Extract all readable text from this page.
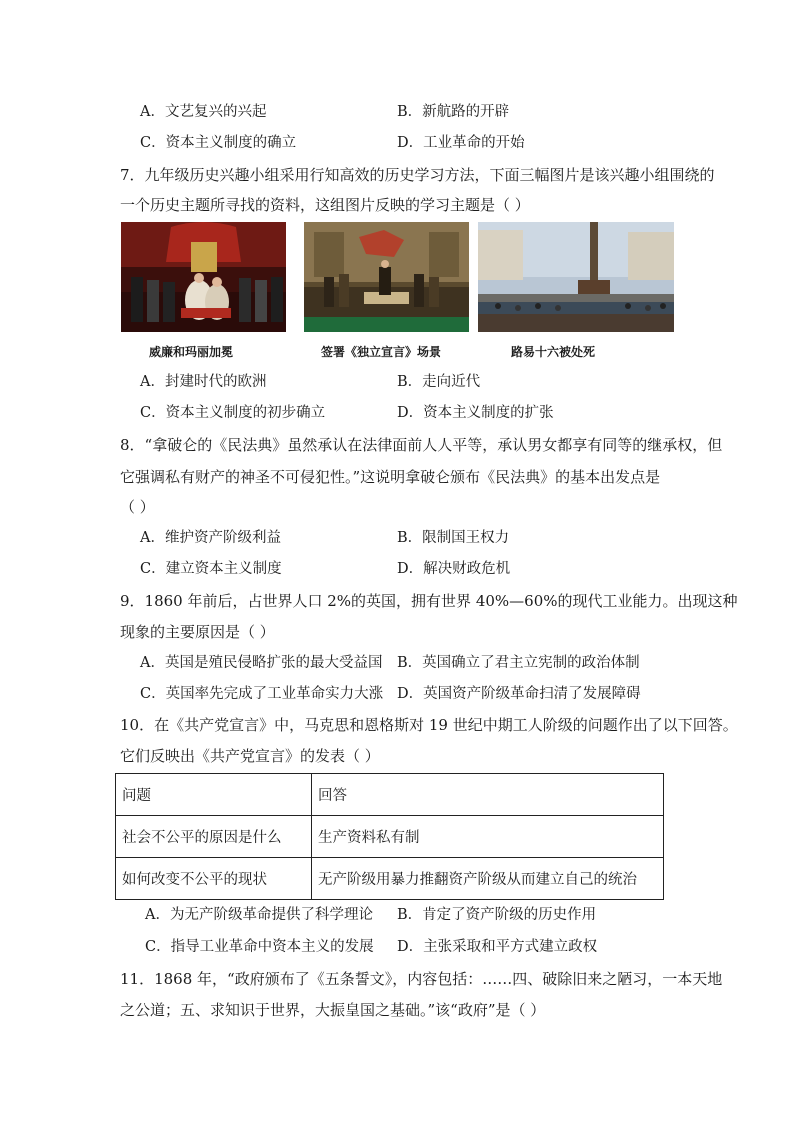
A．文艺复兴的兴起	B．新航路的开辟
C．资本主义制度的确立	D．工业革命的开始
7．九年级历史兴趣小组采用行知高效的历史学习方法，下面三幅图片是该兴趣小组围绕的
一个历史主题所寻找的资料，这组图片反映的学习主题是（ ）
威廉和玛丽加冕	签署《独立宣言》场景	路易十六被处死
A．封建时代的欧洲	B．走向近代
C．资本主义制度的初步确立	D．资本主义制度的扩张
8．“拿破仑的《民法典》虽然承认在法律面前人人平等，承认男女都享有同等的继承权，但
它强调私有财产的神圣不可侵犯性。”这说明拿破仑颁布《民法典》的基本出发点是
（ ）
A．维护资产阶级利益	B．限制国王权力
C．建立资本主义制度	D．解决财政危机
9．1860 年前后，占世界人口 2%的英国，拥有世界 40%—60%的现代工业能力。出现这种
现象的主要原因是（ ）
A．英国是殖民侵略扩张的最大受益国 B．英国确立了君主立宪制的政治体制
C．英国率先完成了工业革命实力大涨 D．英国资产阶级革命扫清了发展障碍
10．在《共产党宣言》中，马克思和恩格斯对 19 世纪中期工人阶级的问题作出了以下回答。
它们反映出《共产党宣言》的发表（ ）
问题	回答
社会不公平的原因是什么	生产资料私有制
如何改变不公平的现状	无产阶级用暴力推翻资产阶级从而建立自己的统治
A．为无产阶级革命提供了科学理论 B．肯定了资产阶级的历史作用
C．指导工业革命中资本主义的发展 D．主张采取和平方式建立政权
11．1868 年，“政府颁布了《五条誓文》，内容包括：……四、破除旧来之陋习，一本天地
之公道；五、求知识于世界，大振皇国之基础。”该“政府”是（ ）
